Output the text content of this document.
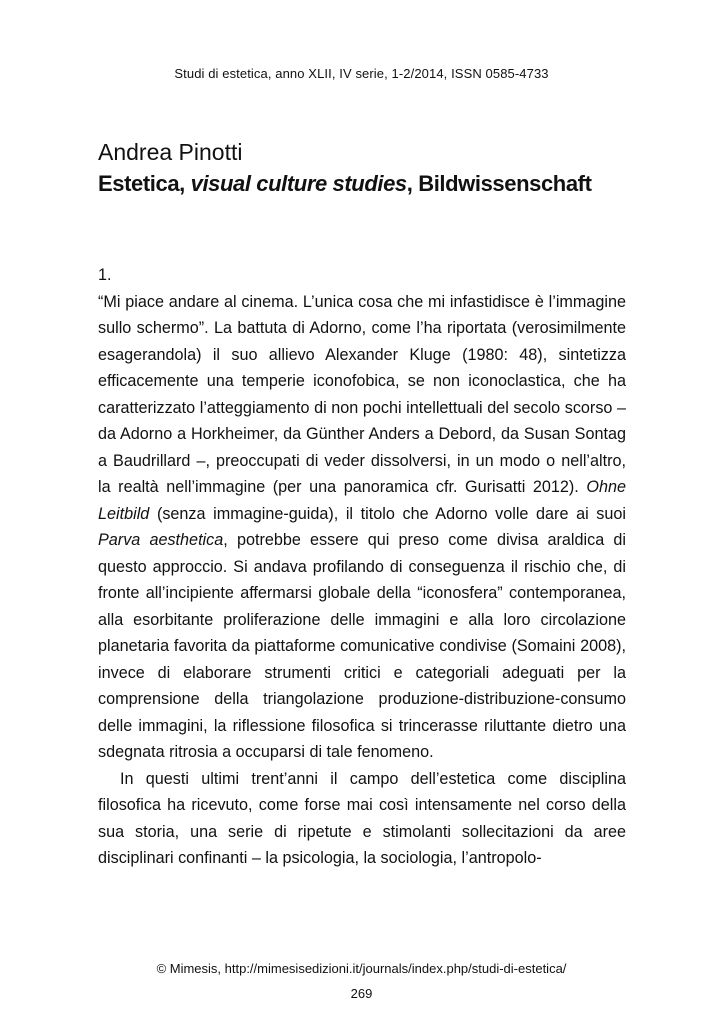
Studi di estetica, anno XLII, IV serie, 1-2/2014, ISSN 0585-4733
Andrea Pinotti
Estetica, visual culture studies, Bildwissenschaft

1.

“Mi piace andare al cinema. L’unica cosa che mi infastidisce è l’immagine sullo schermo”. La battuta di Adorno, come l’ha riportata (verosimilmente esagerandola) il suo allievo Alexander Kluge (1980: 48), sintetizza efficacemente una temperie iconofobica, se non iconoclastica, che ha caratterizzato l’atteggiamento di non pochi intellettuali del secolo scorso – da Adorno a Horkheimer, da Günther Anders a Debord, da Susan Sontag a Baudrillard –, preoccupati di veder dissolversi, in un modo o nell’altro, la realtà nell’immagine (per una panoramica cfr. Gurisatti 2012). Ohne Leitbild (senza immagine-guida), il titolo che Adorno volle dare ai suoi Parva aesthetica, potrebbe essere qui preso come divisa araldica di questo approccio. Si andava profilando di conseguenza il rischio che, di fronte all’incipiente affermarsi globale della “iconosfera” contemporanea, alla esorbitante proliferazione delle immagini e alla loro circolazione planetaria favorita da piattaforme comunicative condivise (Somaini 2008), invece di elaborare strumenti critici e categoriali adeguati per la comprensione della triangolazione produzione-distribuzione-consumo delle immagini, la riflessione filosofica si trincerasse riluttante dietro una sdegnata ritrosia a occuparsi di tale fenomeno.

In questi ultimi trent’anni il campo dell’estetica come disciplina filosofica ha ricevuto, come forse mai così intensamente nel corso della sua storia, una serie di ripetute e stimolanti sollecitazioni da aree disciplinari confinanti – la psicologia, la sociologia, l’antropolo-

© Mimesis, http://mimesisedizioni.it/journals/index.php/studi-di-estetica/
269
